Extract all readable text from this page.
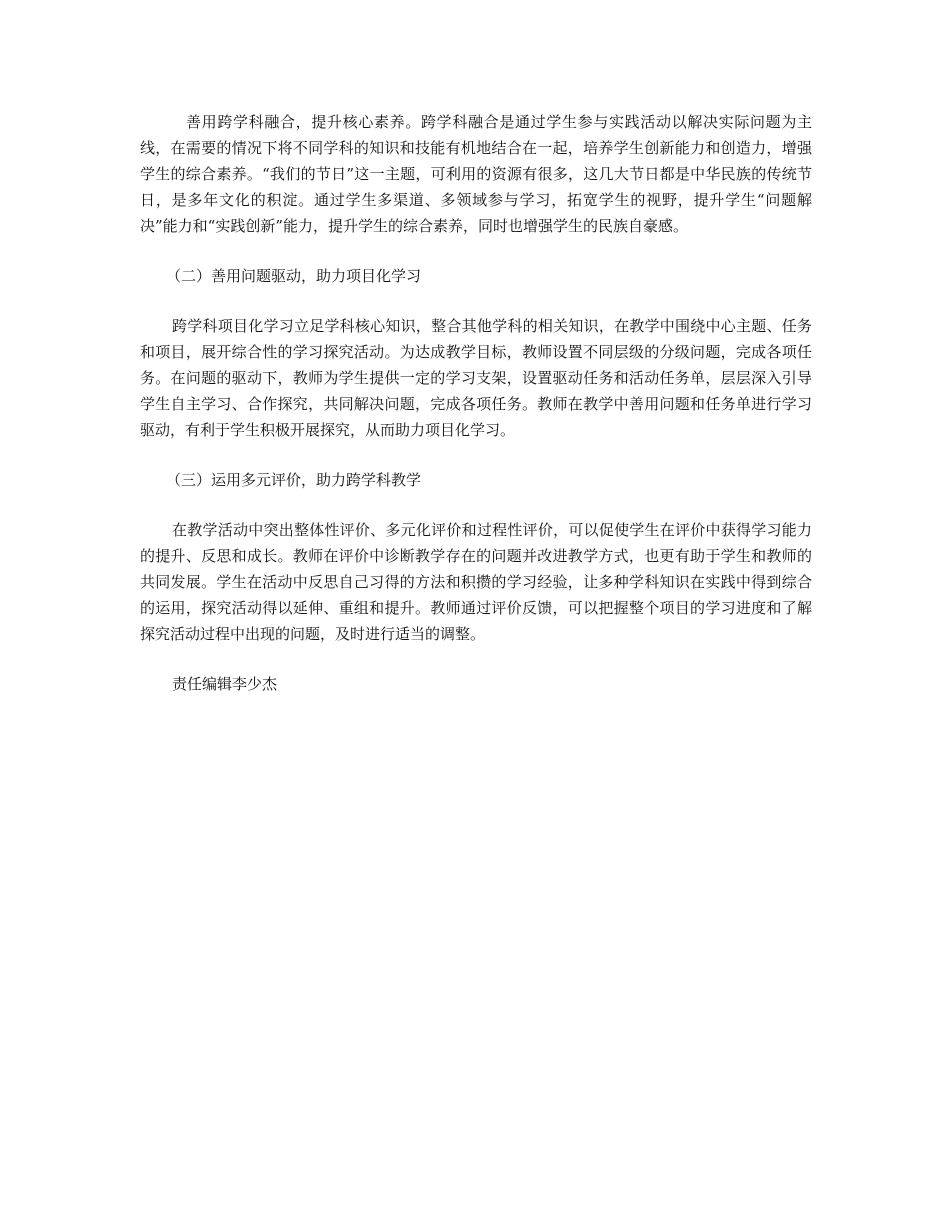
善用跨学科融合，提升核心素养。跨学科融合是通过学生参与实践活动以解决实际问题为主线，在需要的情况下将不同学科的知识和技能有机地结合在一起，培养学生创新能力和创造力，增强学生的综合素养。“我们的节日”这一主题，可利用的资源有很多，这几大节日都是中华民族的传统节日，是多年文化的积淀。通过学生多渠道、多领域参与学习，拓宽学生的视野，提升学生“问题解决”能力和“实践创新”能力，提升学生的综合素养，同时也增强学生的民族自豪感。

（二）善用问题驱动，助力项目化学习

跨学科项目化学习立足学科核心知识，整合其他学科的相关知识，在教学中围绕中心主题、任务和项目，展开综合性的学习探究活动。为达成教学目标，教师设置不同层级的分级问题，完成各项任务。在问题的驱动下，教师为学生提供一定的学习支架，设置驱动任务和活动任务单，层层深入引导学生自主学习、合作探究，共同解决问题，完成各项任务。教师在教学中善用问题和任务单进行学习驱动，有利于学生积极开展探究，从而助力项目化学习。

（三）运用多元评价，助力跨学科教学

在教学活动中突出整体性评价、多元化评价和过程性评价，可以促使学生在评价中获得学习能力的提升、反思和成长。教师在评价中诊断教学存在的问题并改进教学方式，也更有助于学生和教师的共同发展。学生在活动中反思自己习得的方法和积攒的学习经验，让多种学科知识在实践中得到综合的运用，探究活动得以延伸、重组和提升。教师通过评价反馈，可以把握整个项目的学习进度和了解探究活动过程中出现的问题，及时进行适当的调整。

责任编辑李少杰
